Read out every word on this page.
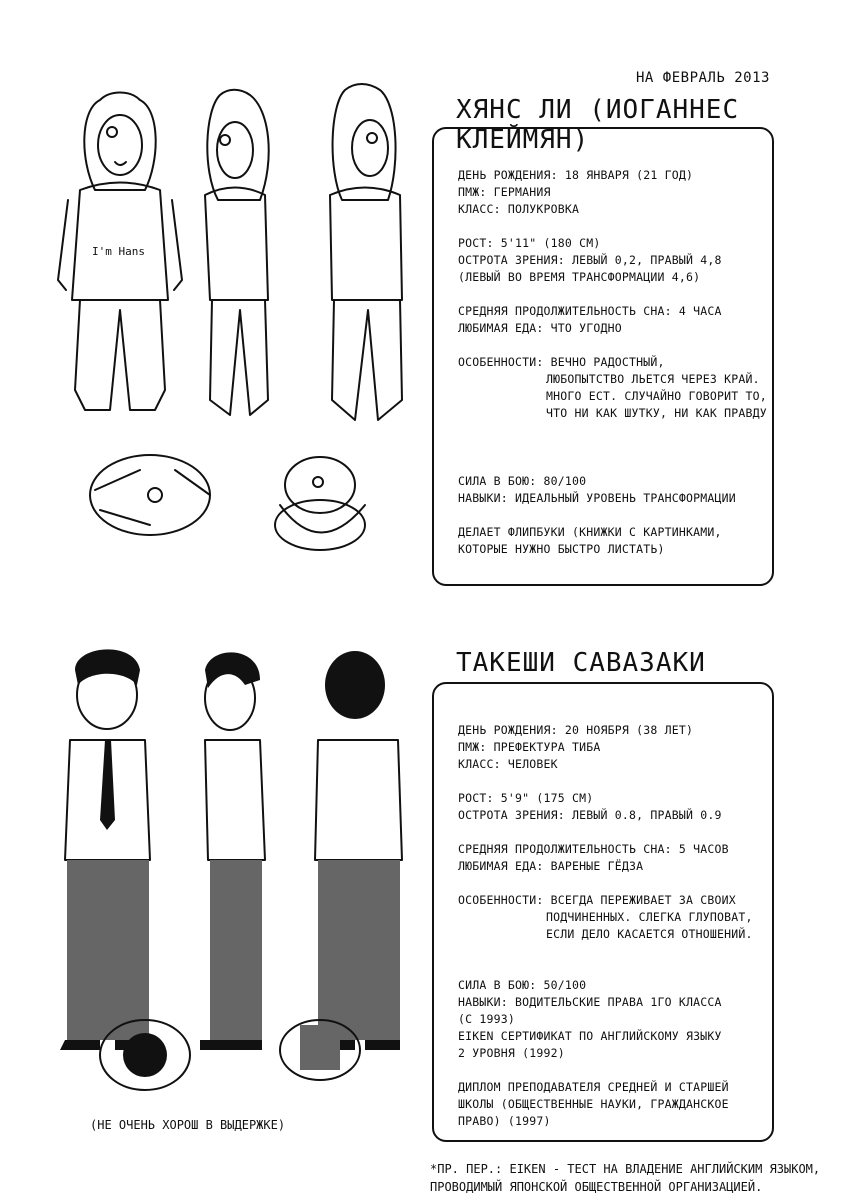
НА ФЕВРАЛЬ 2013
ХЯНС ЛИ (ИОГАННЕС КЛЕЙМЯН)
I'm Hans
ДЕНЬ РОЖДЕНИЯ: 18 ЯНВАРЯ (21 ГОД)
ПМЖ: ГЕРМАНИЯ
КЛАСС: ПОЛУКРОВКА
РОСТ: 5'11" (180 СМ)
ОСТРОТА ЗРЕНИЯ: ЛЕВЫЙ 0,2, ПРАВЫЙ 4,8
(ЛЕВЫЙ ВО ВРЕМЯ ТРАНСФОРМАЦИИ 4,6)
СРЕДНЯЯ ПРОДОЛЖИТЕЛЬНОСТЬ СНА: 4 ЧАСА
ЛЮБИМАЯ ЕДА: ЧТО УГОДНО
ОСОБЕННОСТИ: ВЕЧНО РАДОСТНЫЙ,
ЛЮБОПЫТСТВО ЛЬЕТСЯ ЧЕРЕЗ КРАЙ.
МНОГО ЕСТ. СЛУЧАЙНО ГОВОРИТ ТО,
ЧТО НИ КАК ШУТКУ, НИ КАК ПРАВДУ
СИЛА В БОЮ: 80/100
НАВЫКИ: ИДЕАЛЬНЫЙ УРОВЕНЬ ТРАНСФОРМАЦИИ
ДЕЛАЕТ ФЛИПБУКИ (КНИЖКИ С КАРТИНКАМИ,
КОТОРЫЕ НУЖНО БЫСТРО ЛИСТАТЬ)
ТАКЕШИ САВАЗАКИ
ДЕНЬ РОЖДЕНИЯ: 20 НОЯБРЯ (38 ЛЕТ)
ПМЖ: ПРЕФЕКТУРА ТИБА
КЛАСС: ЧЕЛОВЕК
РОСТ: 5'9" (175 СМ)
ОСТРОТА ЗРЕНИЯ: ЛЕВЫЙ 0.8, ПРАВЫЙ 0.9
СРЕДНЯЯ ПРОДОЛЖИТЕЛЬНОСТЬ СНА: 5 ЧАСОВ
ЛЮБИМАЯ ЕДА: ВАРЕНЫЕ ГЁДЗА
ОСОБЕННОСТИ: ВСЕГДА ПЕРЕЖИВАЕТ ЗА СВОИХ
ПОДЧИНЕННЫХ. СЛЕГКА ГЛУПОВАТ,
ЕСЛИ ДЕЛО КАСАЕТСЯ ОТНОШЕНИЙ.
СИЛА В БОЮ: 50/100
НАВЫКИ: ВОДИТЕЛЬСКИЕ ПРАВА 1ГО КЛАССА
(С 1993)
EIKEN СЕРТИФИКАТ ПО АНГЛИЙСКОМУ ЯЗЫКУ
2 УРОВНЯ (1992)
ДИПЛОМ ПРЕПОДАВАТЕЛЯ СРЕДНЕЙ И СТАРШЕЙ
ШКОЛЫ (ОБЩЕСТВЕННЫЕ НАУКИ, ГРАЖДАНСКОЕ
ПРАВО) (1997)
(НЕ ОЧЕНЬ ХОРОШ В ВЫДЕРЖКЕ)
*ПР. ПЕР.: EIKEN - ТЕСТ НА ВЛАДЕНИЕ АНГЛИЙСКИМ ЯЗЫКОМ,
ПРОВОДИМЫЙ ЯПОНСКОЙ ОБЩЕСТВЕННОЙ ОРГАНИЗАЦИЕЙ.
